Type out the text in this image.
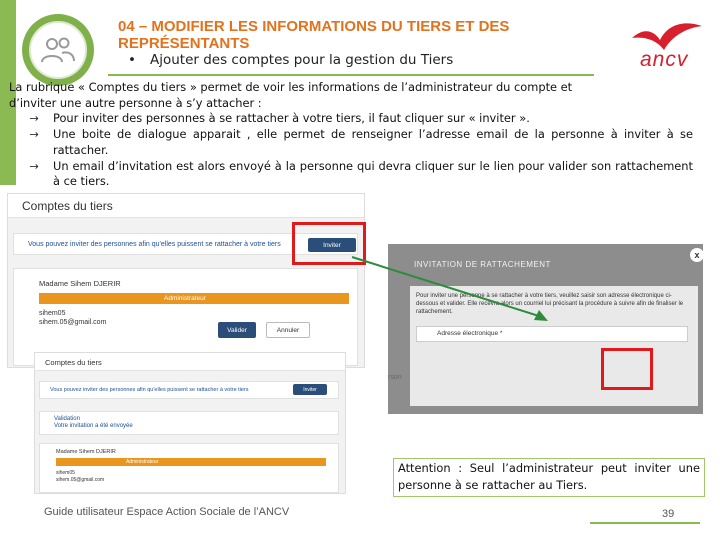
04 – MODIFIER LES INFORMATIONS DU TIERS ET DES REPRÉSENTANTS
• Ajouter des comptes pour la gestion du Tiers	ancv
La rubrique « Comptes du tiers » permet de voir les informations de l’administrateur du compte et
d’inviter une autre personne à s’y attacher :
→	Pour inviter des personnes à se rattacher à votre tiers, il faut cliquer sur « inviter ».
→	Une boite de dialogue apparait , elle permet de renseigner l’adresse email de la personne à inviter à se rattacher.
→	Un email d’invitation est alors envoyé à la personne qui devra cliquer sur le lien pour valider son rattachement à ce tiers.
Comptes du tiers
Vous pouvez inviter des personnes afin qu'elles puissent se rattacher à votre tiers	Inviter
Madame Sihem DJERIR
Administrateur
sihem05
sihem.05@gmail.com
Comptes du tiers
Vous pouvez inviter des personnes afin qu'elles puissent se rattacher à votre tiers	Inviter
Validation
Votre invitation a été envoyée
Madame Sihem DJERIR
Administrateur
sihem05
sihem.05@gmail.com
INVITATION DE RATTACHEMENT
x
Pour inviter une personne à se rattacher à votre tiers, veuillez saisir son adresse électronique ci-dessous et valider. Elle recevra alors un courriel lui précisant la procédure à suivre afin de finaliser le rattachement.
Adresse électronique *
rson
Valider	Annuler
Attention : Seul l’administrateur peut inviter une personne à se rattacher au Tiers.
Guide utilisateur Espace Action Sociale de l’ANCV	39
